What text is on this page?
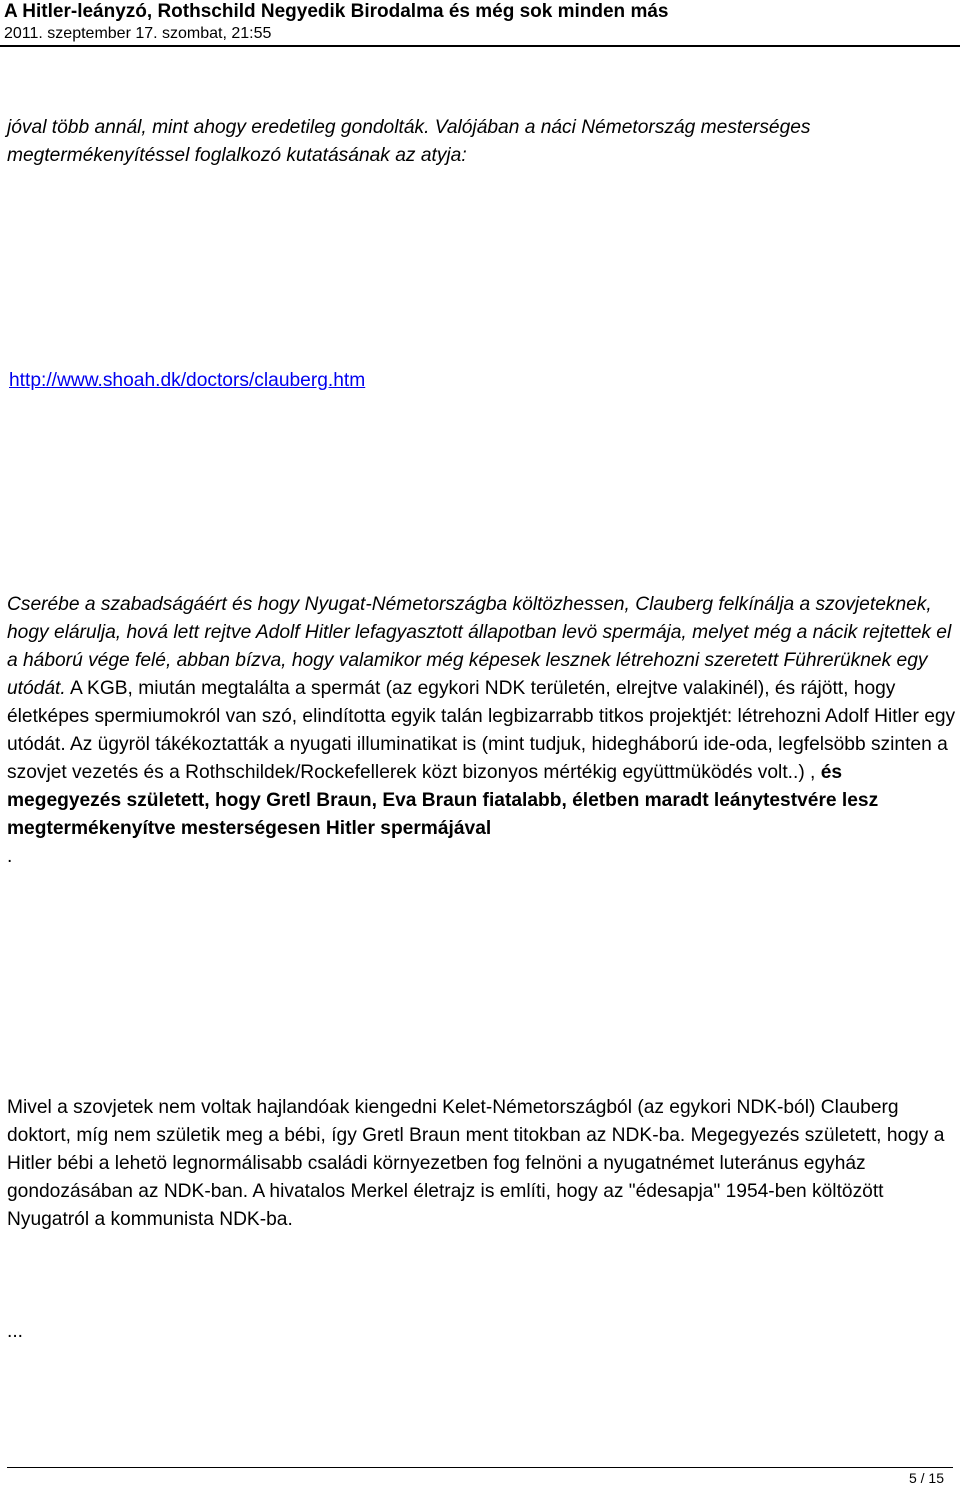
A Hitler-leányzó, Rothschild Negyedik Birodalma és még sok minden más
2011. szeptember 17. szombat, 21:55

jóval több annál, mint ahogy eredetileg gondolták. Valójában a náci Németország mesterséges megtermékenyítéssel foglalkozó kutatásának az atyja:

http://www.shoah.dk/doctors/clauberg.htm

Cserébe a szabadságáért és hogy Nyugat-Németországba költözhessen, Clauberg felkínálja a szovjeteknek, hogy elárulja, hová lett rejtve Adolf Hitler lefagyasztott állapotban levö spermája, melyet még a nácik rejtettek el a háború vége felé, abban bízva, hogy valamikor még képesek lesznek létrehozni szeretett Führerüknek egy utódát. A KGB, miután megtalálta a spermát (az egykori NDK területén, elrejtve valakinél), és rájött, hogy életképes spermiumokról van szó, elindította egyik talán legbizarrabb titkos projektjét: létrehozni Adolf Hitler egy utódát. Az ügyröl tákékoztatták a nyugati illuminatikat is (mint tudjuk, hidegháború ide-oda, legfelsöbb szinten a szovjet vezetés és a Rothschildek/Rockefellerek közt bizonyos mértékig együttmüködés volt..) , és megegyezés született, hogy Gretl Braun, Eva Braun fiatalabb, életben maradt leánytestvére lesz megtermékenyítve mesterségesen Hitler spermájával
.

Mivel a szovjetek nem voltak hajlandóak kiengedni Kelet-Németországból (az egykori NDK-ból) Clauberg doktort, míg nem születik meg a bébi, így Gretl Braun ment titokban az NDK-ba. Megegyezés született, hogy a Hitler bébi a lehetö legnormálisabb családi környezetben fog felnöni a nyugatnémet luteránus egyház gondozásában az NDK-ban. A hivatalos Merkel életrajz is említi, hogy az "édesapja" 1954-ben költözött Nyugatról a kommunista NDK-ba.

...

5 / 15
